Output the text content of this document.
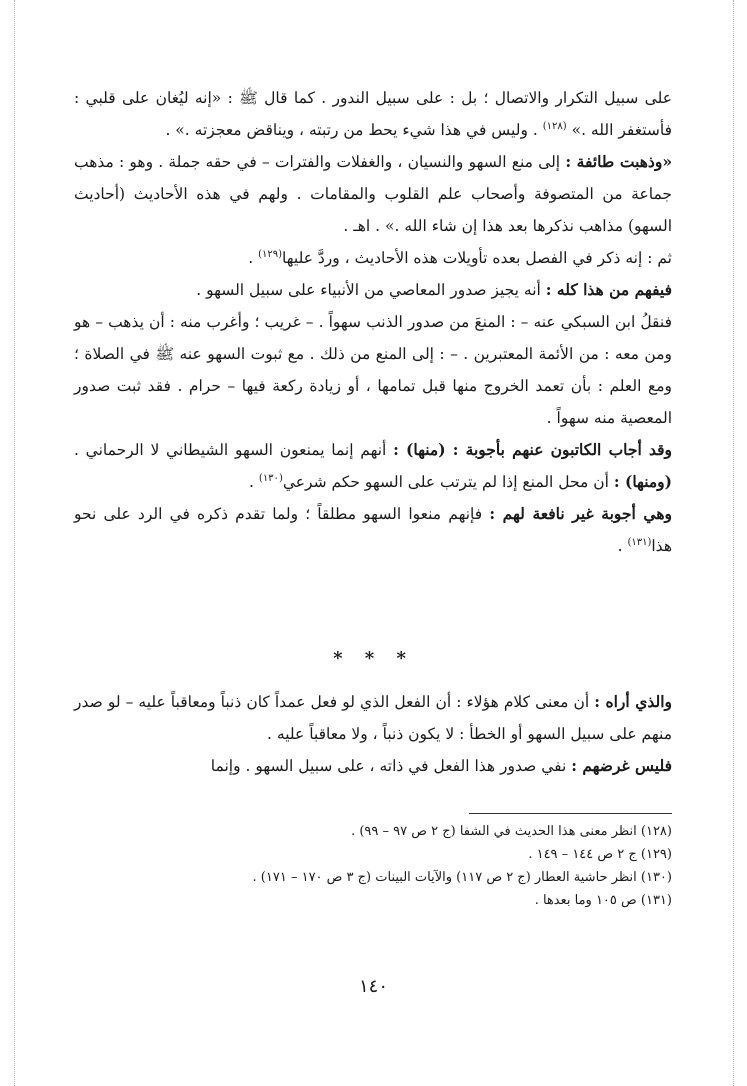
على سبيل التكرار والاتصال ؛ بل : على سبيل الندور . كما قال ﷺ : «إنه ليُغان على قلبي : فأستغفر الله .» $^{(١٢٨)}$ . وليس في هذا شيء يحط من رتبته ، ويناقض معجزته .» .

«وذهبت طائفة : إلى منع السهو والنسيان ، والغفلات والفترات – في حقه جملة . وهو : مذهب جماعة من المتصوفة وأصحاب علم القلوب والمقامات . ولهم في هذه الأحاديث (أحاديث السهو) مذاهب نذكرها بعد هذا إن شاء الله .» . اهـ .

ثم : إنه ذكر في الفصل بعده تأويلات هذه الأحاديث ، وردَّ عليها$^{(١٢٩)}$ .

فيفهم من هذا كله : أنه يجيز صدور المعاصي من الأنبياء على سبيل السهو .

فنقلُ ابن السبكي عنه – : المنعَ من صدور الذنب سهواً . – غريب ؛ وأغرب منه : أن يذهب – هو ومن معه : من الأئمة المعتبرين . – : إلى المنع من ذلك . مع ثبوت السهو عنه ﷺ في الصلاة ؛ ومع العلم : بأن تعمد الخروج منها قبل تمامها ، أو زيادة ركعة فيها – حرام . فقد ثبت صدور المعصية منه سهواً .

وقد أجاب الكاتبون عنهم بأجوبة : (منها) : أنهم إنما يمنعون السهو الشيطاني لا الرحماني . (ومنها) : أن محل المنع إذا لم يترتب على السهو حكم شرعي$^{(١٣٠)}$ .

وهي أجوبة غير نافعة لهم : فإنهم منعوا السهو مطلقاً ؛ ولما تقدم ذكره في الرد على نحو هذا$^{(١٣١)}$ .

* * *

والذي أراه : أن معنى كلام هؤلاء : أن الفعل الذي لو فعل عمداً كان ذنباً ومعاقباً عليه – لو صدر منهم على سبيل السهو أو الخطأ : لا يكون ذنباً ، ولا معاقباً عليه .

فليس غرضهم : نفي صدور هذا الفعل في ذاته ، على سبيل السهو . وإنما

(١٢٨) انظر معنى هذا الحديث في الشفا (ج ٢ ص ٩٧ – ٩٩) .
(١٢٩) ج ٢ ص ١٤٤ – ١٤٩ .
(١٣٠) انظر حاشية العطار (ج ٢ ص ١١٧) والآيات البينات (ج ٣ ص ١٧٠ – ١٧١) .
(١٣١) ص ١٠٥ وما بعدها .
١٤٠
